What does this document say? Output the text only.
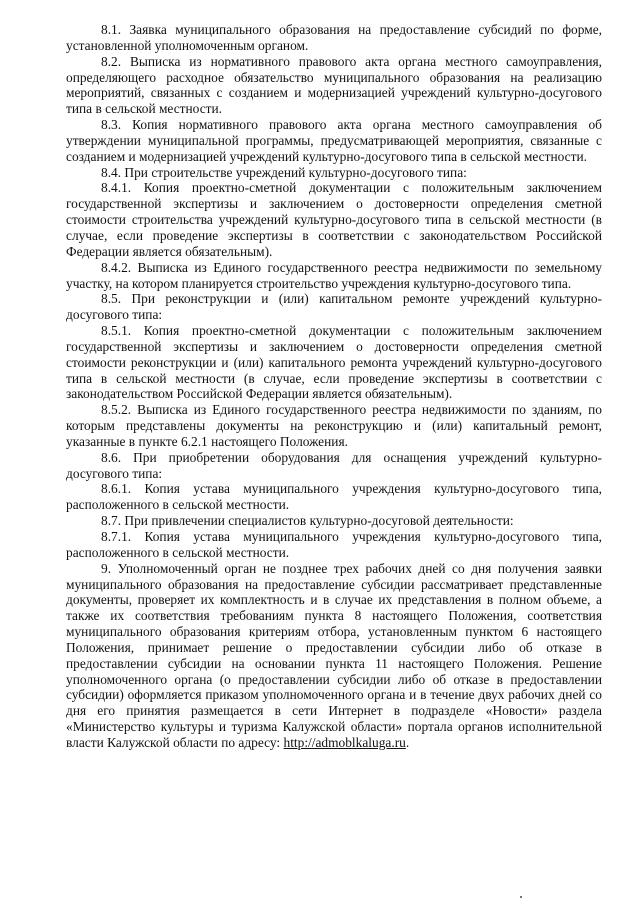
8.1. Заявка муниципального образования на предоставление субсидий по форме, установленной уполномоченным органом.

8.2. Выписка из нормативного правового акта органа местного самоуправления, определяющего расходное обязательство муниципального образования на реализацию мероприятий, связанных с созданием и модернизацией учреждений культурно-досугового типа в сельской местности.

8.3. Копия нормативного правового акта органа местного самоуправления об утверждении муниципальной программы, предусматривающей мероприятия, связанные с созданием и модернизацией учреждений культурно-досугового типа в сельской местности.

8.4. При строительстве учреждений культурно-досугового типа:

8.4.1. Копия проектно-сметной документации с положительным заключением государственной экспертизы и заключением о достоверности определения сметной стоимости строительства учреждений культурно-досугового типа в сельской местности (в случае, если проведение экспертизы в соответствии с законодательством Российской Федерации является обязательным).

8.4.2. Выписка из Единого государственного реестра недвижимости по земельному участку, на котором планируется строительство учреждения культурно-досугового типа.

8.5. При реконструкции и (или) капитальном ремонте учреждений культурно-досугового типа:

8.5.1. Копия проектно-сметной документации с положительным заключением государственной экспертизы и заключением о достоверности определения сметной стоимости реконструкции и (или) капитального ремонта учреждений культурно-досугового типа в сельской местности (в случае, если проведение экспертизы в соответствии с законодательством Российской Федерации является обязательным).

8.5.2. Выписка из Единого государственного реестра недвижимости по зданиям, по которым представлены документы на реконструкцию и (или) капитальный ремонт, указанные в пункте 6.2.1 настоящего Положения.

8.6. При приобретении оборудования для оснащения учреждений культурно-досугового типа:

8.6.1. Копия устава муниципального учреждения культурно-досугового типа, расположенного в сельской местности.

8.7. При привлечении специалистов культурно-досуговой деятельности:

8.7.1. Копия устава муниципального учреждения культурно-досугового типа, расположенного в сельской местности.

9. Уполномоченный орган не позднее трех рабочих дней со дня получения заявки муниципального образования на предоставление субсидии рассматривает представленные документы, проверяет их комплектность и в случае их представления в полном объеме, а также их соответствия требованиям пункта 8 настоящего Положения, соответствия муниципального образования критериям отбора, установленным пунктом 6 настоящего Положения, принимает решение о предоставлении субсидии либо об отказе в предоставлении субсидии на основании пункта 11 настоящего Положения. Решение уполномоченного органа (о предоставлении субсидии либо об отказе в предоставлении субсидии) оформляется приказом уполномоченного органа и в течение двух рабочих дней со дня его принятия размещается в сети Интернет в подразделе «Новости» раздела «Министерство культуры и туризма Калужской области» портала органов исполнительной власти Калужской области по адресу: http://admoblkaluga.ru.
